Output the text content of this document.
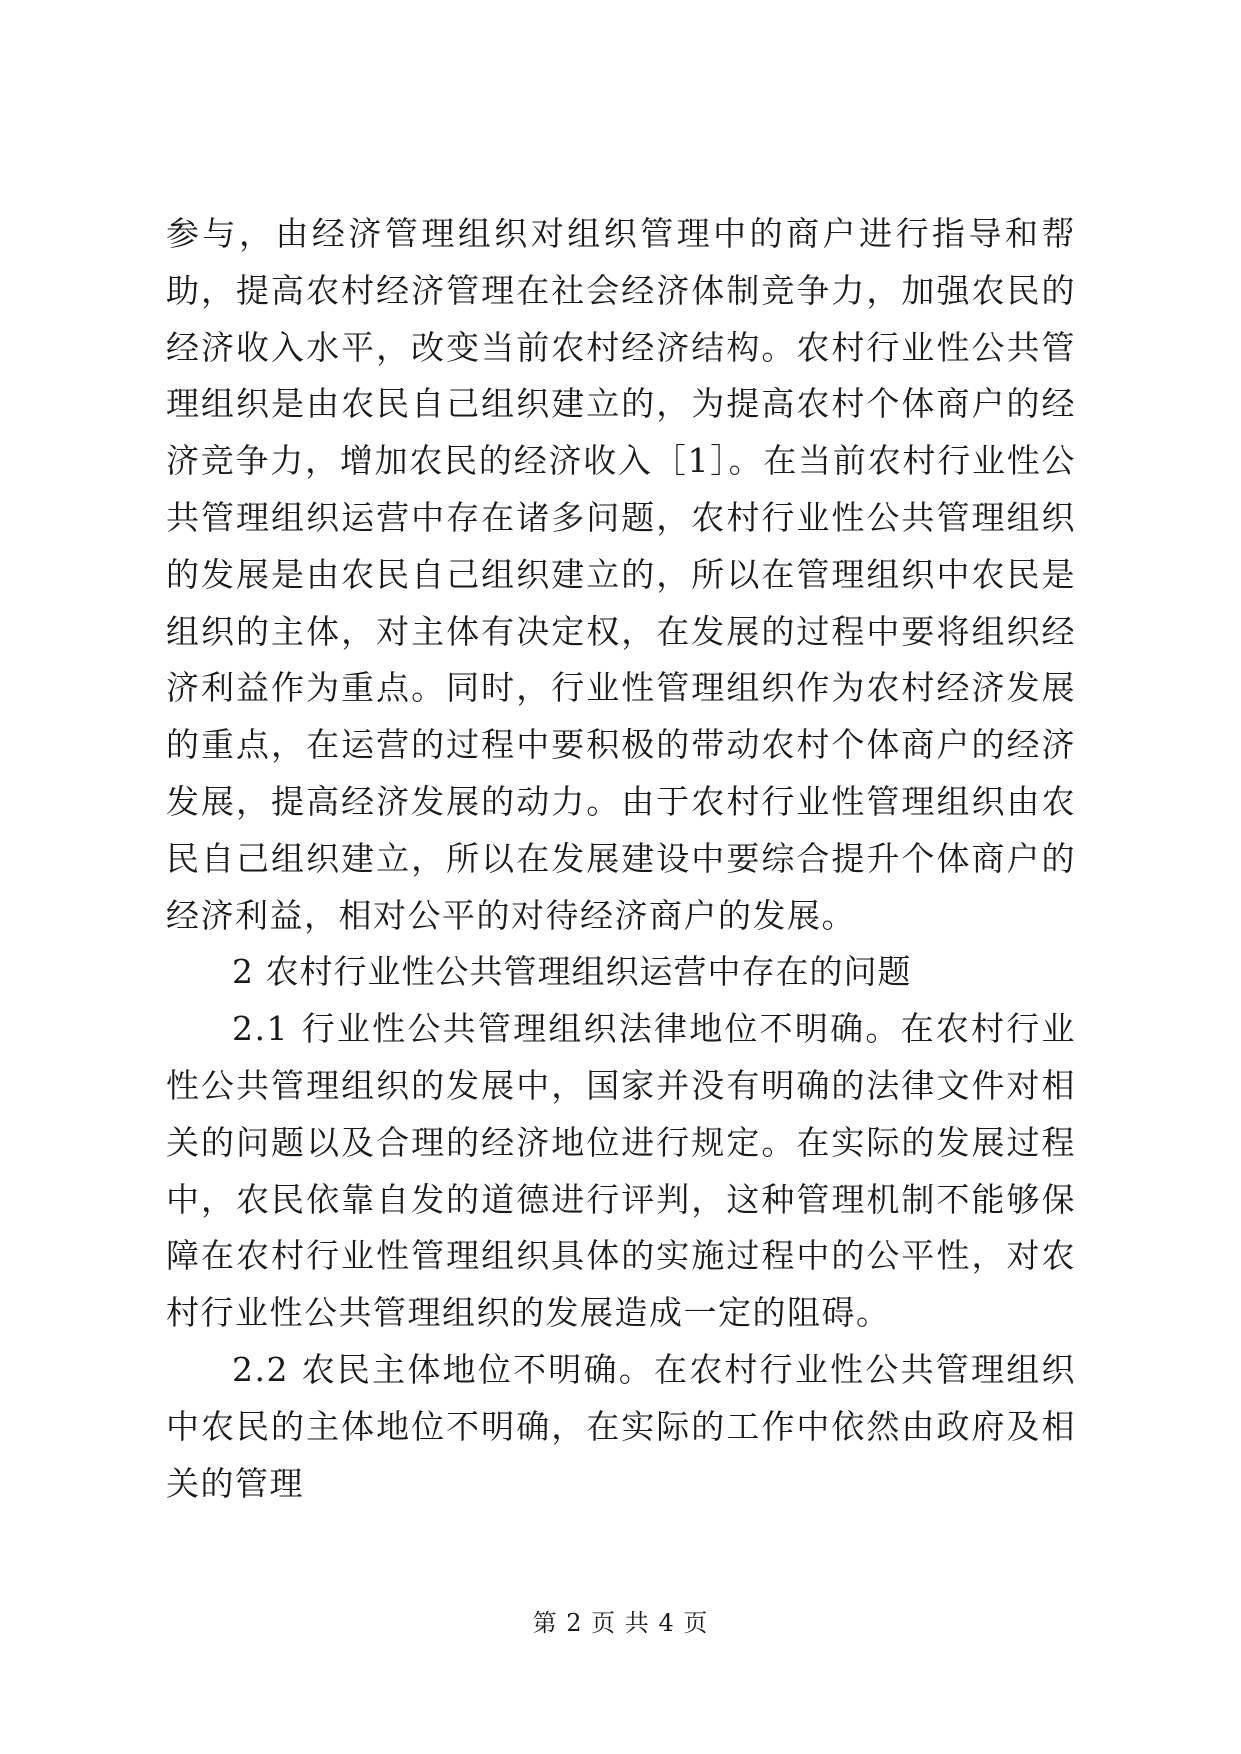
参与，由经济管理组织对组织管理中的商户进行指导和帮助，提高农村经济管理在社会经济体制竞争力，加强农民的经济收入水平，改变当前农村经济结构。农村行业性公共管理组织是由农民自己组织建立的，为提高农村个体商户的经济竞争力，增加农民的经济收入［1］。在当前农村行业性公共管理组织运营中存在诸多问题，农村行业性公共管理组织的发展是由农民自己组织建立的，所以在管理组织中农民是组织的主体，对主体有决定权，在发展的过程中要将组织经济利益作为重点。同时，行业性管理组织作为农村经济发展的重点，在运营的过程中要积极的带动农村个体商户的经济发展，提高经济发展的动力。由于农村行业性管理组织由农民自己组织建立，所以在发展建设中要综合提升个体商户的经济利益，相对公平的对待经济商户的发展。

2 农村行业性公共管理组织运营中存在的问题

2.1 行业性公共管理组织法律地位不明确。在农村行业性公共管理组织的发展中，国家并没有明确的法律文件对相关的问题以及合理的经济地位进行规定。在实际的发展过程中，农民依靠自发的道德进行评判，这种管理机制不能够保障在农村行业性管理组织具体的实施过程中的公平性，对农村行业性公共管理组织的发展造成一定的阻碍。

2.2 农民主体地位不明确。在农村行业性公共管理组织中农民的主体地位不明确，在实际的工作中依然由政府及相关的管理

第 2 页 共 4 页
